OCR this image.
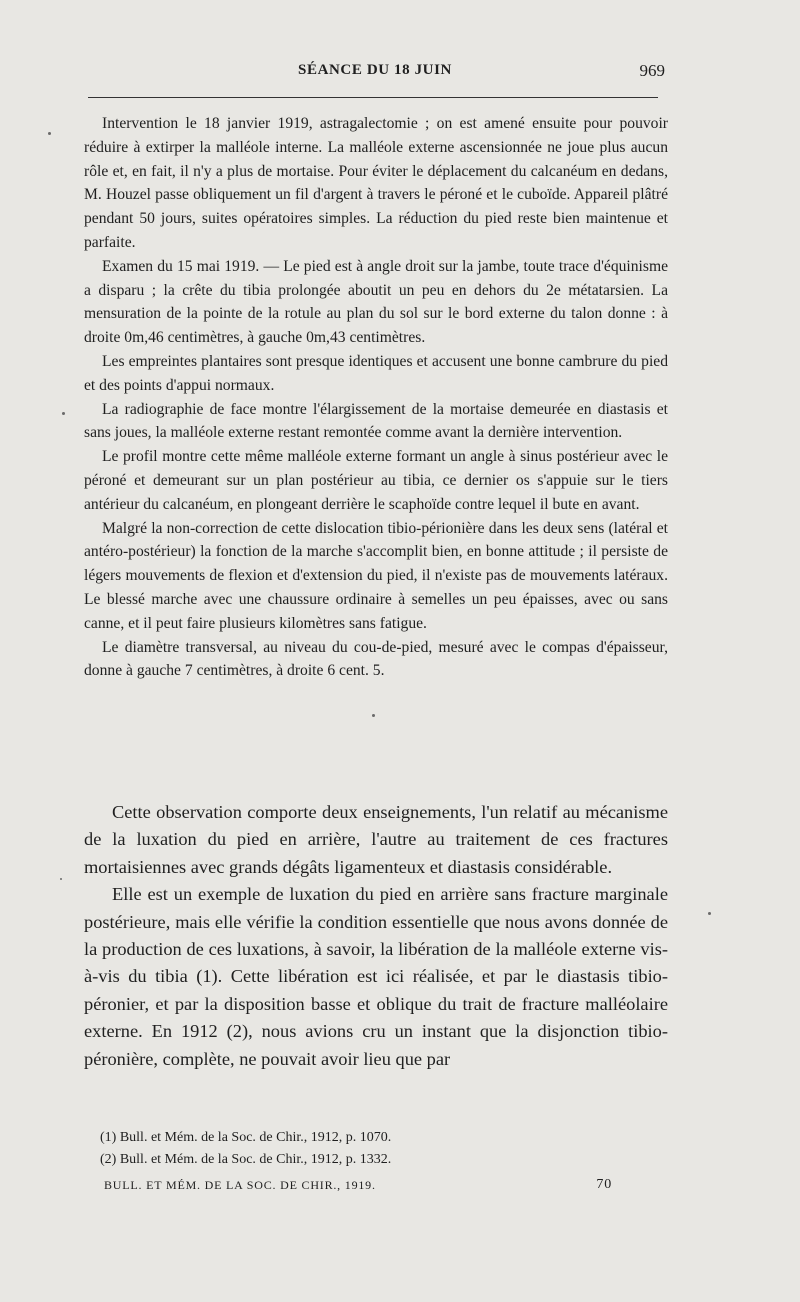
SÉANCE DU 18 JUIN	969

Intervention le 18 janvier 1919, astragalectomie ; on est amené ensuite pour pouvoir réduire à extirper la malléole interne. La malléole externe ascensionnée ne joue plus aucun rôle et, en fait, il n'y a plus de mortaise. Pour éviter le déplacement du calcanéum en dedans, M. Houzel passe obliquement un fil d'argent à travers le péroné et le cuboïde. Appareil plâtré pendant 50 jours, suites opératoires simples. La réduction du pied reste bien maintenue et parfaite.

Examen du 15 mai 1919. — Le pied est à angle droit sur la jambe, toute trace d'équinisme a disparu ; la crête du tibia prolongée aboutit un peu en dehors du 2e métatarsien. La mensuration de la pointe de la rotule au plan du sol sur le bord externe du talon donne : à droite 0m,46 centimètres, à gauche 0m,43 centimètres.

Les empreintes plantaires sont presque identiques et accusent une bonne cambrure du pied et des points d'appui normaux.

La radiographie de face montre l'élargissement de la mortaise demeurée en diastasis et sans joues, la malléole externe restant remontée comme avant la dernière intervention.

Le profil montre cette même malléole externe formant un angle à sinus postérieur avec le péroné et demeurant sur un plan postérieur au tibia, ce dernier os s'appuie sur le tiers antérieur du calcanéum, en plongeant derrière le scaphoïde contre lequel il bute en avant.

Malgré la non-correction de cette dislocation tibio-périonière dans les deux sens (latéral et antéro-postérieur) la fonction de la marche s'accomplit bien, en bonne attitude ; il persiste de légers mouvements de flexion et d'extension du pied, il n'existe pas de mouvements latéraux. Le blessé marche avec une chaussure ordinaire à semelles un peu épaisses, avec ou sans canne, et il peut faire plusieurs kilomètres sans fatigue.

Le diamètre transversal, au niveau du cou-de-pied, mesuré avec le compas d'épaisseur, donne à gauche 7 centimètres, à droite 6 cent. 5.

Cette observation comporte deux enseignements, l'un relatif au mécanisme de la luxation du pied en arrière, l'autre au traitement de ces fractures mortaisiennes avec grands dégâts ligamenteux et diastasis considérable.

Elle est un exemple de luxation du pied en arrière sans fracture marginale postérieure, mais elle vérifie la condition essentielle que nous avons donnée de la production de ces luxations, à savoir, la libération de la malléole externe vis-à-vis du tibia (1). Cette libération est ici réalisée, et par le diastasis tibio-péronier, et par la disposition basse et oblique du trait de fracture malléolaire externe. En 1912 (2), nous avions cru un instant que la disjonction tibio-péronière, complète, ne pouvait avoir lieu que par

(1) Bull. et Mém. de la Soc. de Chir., 1912, p. 1070.
(2) Bull. et Mém. de la Soc. de Chir., 1912, p. 1332.
BULL. ET MÉM. DE LA SOC. DE CHIR., 1919.	70
